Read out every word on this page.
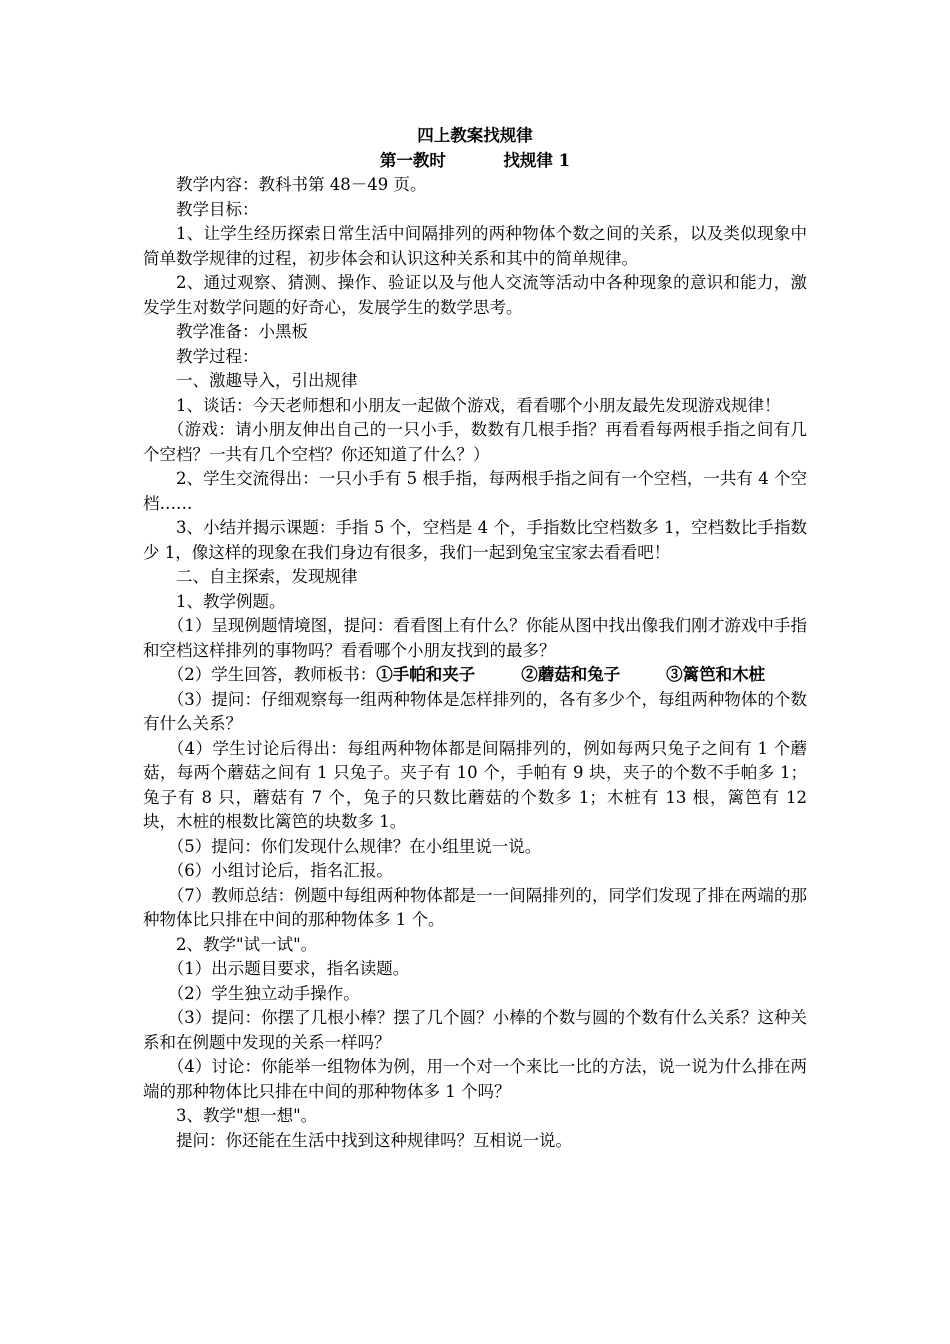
四上教案找规律

第一教时          找规律 1

教学内容：教科书第 48－49 页。

教学目标：

1、让学生经历探索日常生活中间隔排列的两种物体个数之间的关系，以及类似现象中简单数学规律的过程，初步体会和认识这种关系和其中的简单规律。

2、通过观察、猜测、操作、验证以及与他人交流等活动中各种现象的意识和能力，激发学生对数学问题的好奇心，发展学生的数学思考。

教学准备：小黑板

教学过程：

一、激趣导入，引出规律

1、谈话：今天老师想和小朋友一起做个游戏，看看哪个小朋友最先发现游戏规律！

（游戏：请小朋友伸出自己的一只小手，数数有几根手指？再看看每两根手指之间有几个空档？一共有几个空档？你还知道了什么？）

2、学生交流得出：一只小手有 5 根手指，每两根手指之间有一个空档，一共有 4 个空档……

3、小结并揭示课题：手指 5 个，空档是 4 个，手指数比空档数多 1，空档数比手指数少 1，像这样的现象在我们身边有很多，我们一起到兔宝宝家去看看吧！

二、自主探索，发现规律

1、教学例题。

（1）呈现例题情境图，提问：看看图上有什么？你能从图中找出像我们刚才游戏中手指和空档这样排列的事物吗？看看哪个小朋友找到的最多？

（2）学生回答，教师板书：①手帕和夹子        ②蘑菇和兔子        ③篱笆和木桩

（3）提问：仔细观察每一组两种物体是怎样排列的，各有多少个，每组两种物体的个数有什么关系？

（4）学生讨论后得出：每组两种物体都是间隔排列的，例如每两只兔子之间有 1 个蘑菇，每两个蘑菇之间有 1 只兔子。夹子有 10 个，手帕有 9 块，夹子的个数不手帕多 1；兔子有 8 只，蘑菇有 7 个，兔子的只数比蘑菇的个数多 1；木桩有 13 根，篱笆有 12 块，木桩的根数比篱笆的块数多 1。

（5）提问：你们发现什么规律？在小组里说一说。

（6）小组讨论后，指名汇报。

（7）教师总结：例题中每组两种物体都是一一间隔排列的，同学们发现了排在两端的那种物体比只排在中间的那种物体多 1 个。

2、教学"试一试"。

（1）出示题目要求，指名读题。

（2）学生独立动手操作。

（3）提问：你摆了几根小棒？摆了几个圆？小棒的个数与圆的个数有什么关系？这种关系和在例题中发现的关系一样吗？

（4）讨论：你能举一组物体为例，用一个对一个来比一比的方法，说一说为什么排在两端的那种物体比只排在中间的那种物体多 1 个吗？

3、教学"想一想"。

提问：你还能在生活中找到这种规律吗？互相说一说。
